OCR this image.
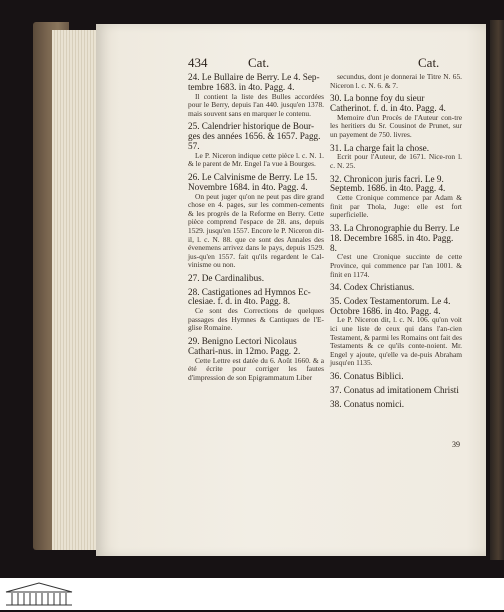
434	Cat.	Cat.
24. Le Bullaire de Berry. Le 4. Sep-tembre 1683. in 4to. Pagg. 4.
Il contient la liste des Bulles accordées pour le Berry, depuis l'an 440. jusqu'en 1378. mais souvent sans en marquer le contenu.
25. Calendrier historique de Bour-ges des années 1656. & 1657. Pagg. 57.
Le P. Niceron indique cette pièce l. c. N. 1. & le parent de Mr. Engel l'a vue à Bourges.
26. Le Calvinisme de Berry. Le 15. Novembre 1684. in 4to. Pagg. 4.
On peut juger qu'on ne peut pas dire grand chose en 4. pages, sur les commen-cements & les progrès de la Reforme en Berry. Cette pièce comprend l'espace de 28. ans, depuis 1529. jusqu'en 1557. Encore le P. Niceron dit- il, l. c. N. 88. que ce sont des Annales des évenemens arrivez dans le pays, depuis 1529. jus-qu'en 1557. fait qu'ils regardent le Cal-vinisme ou non.
27. De Cardinalibus.
28. Castigationes ad Hymnos Ec-clesiae. f. d. in 4to. Pagg. 8.
Ce sont des Corrections de quelques passages des Hymnes & Cantiques de l'E-glise Romaine.
29. Benigno Lectori Nicolaus Cathari-nus. in 12mo. Pagg. 2.
Cette Lettre est datée du 6. Août 1660. & a été écrite pour corriger les fautes d'impression de son Epigrammatum Liber
secundus, dont je donnerai le Titre N. 65. Niceron l. c. N. 6. & 7.
30. La bonne foy du sieur Catherinot. f. d. in 4to. Pagg. 4.
Memoire d'un Procès de l'Auteur con-tre les heritiers du Sr. Cousinot de Prunet, sur un payement de 750. livres.
31. La charge fait la chose.
Ecrit pour l'Auteur, de 1671. Nice-ron l. c. N. 25.
32. Chronicon juris facri. Le 9. Septemb. 1686. in 4to. Pagg. 4.
Cette Cronique commence par Adam & finit par Thola, Juge: elle est fort superficielle.
33. La Chronographie du Berry. Le 18. Decembre 1685. in 4to. Pagg. 8.
C'est une Cronique succinte de cette Province, qui commence par l'an 1001. & finit en 1174.
34. Codex Christianus.
35. Codex Testamentorum. Le 4. Octobre 1686. in 4to. Pagg. 4.
Le P. Niceron dit, l. c. N. 106. qu'on voit ici une liste de ceux qui dans l'an-cien Testament, & parmi les Romains ont fait des Testaments & ce qu'ils conte-noient. Mr. Engel y ajoute, qu'elle va de-puis Abraham jusqu'en 1135.
36. Conatus Biblici.
37. Conatus ad imitationem Christi
38. Conatus nomici.
39
